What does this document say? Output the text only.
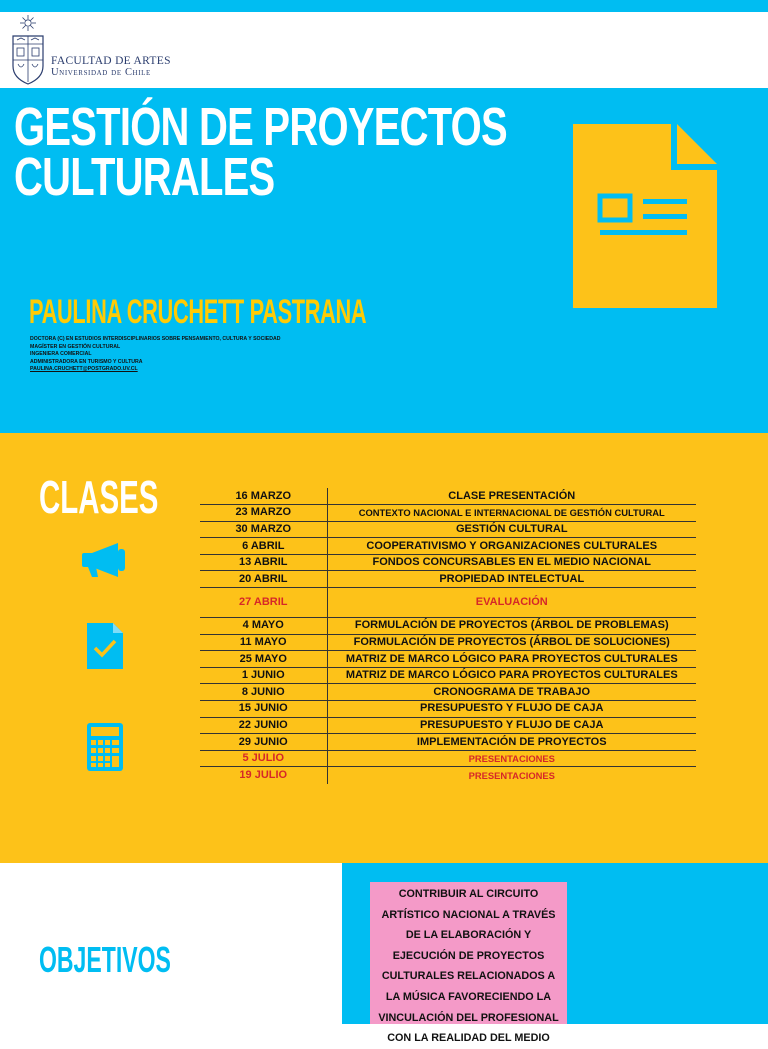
FACULTAD DE ARTES
Universidad de Chile
GESTIÓN DE PROYECTOS
CULTURALES
PAULINA CRUCHETT PASTRANA
DOCTORA (C) EN ESTUDIOS INTERDISCIPLINARIOS SOBRE PENSAMIENTO, CULTURA Y SOCIEDAD
MAGÍSTER EN GESTIÓN CULTURAL
INGENIERA COMERCIAL
ADMINISTRADORA EN TURISMO Y CULTURA
PAULINA.CRUCHETT@POSTGRADO.UV.CL
CLASES	16 MARZO	CLASE PRESENTACIÓN
23 MARZO	CONTEXTO NACIONAL E INTERNACIONAL DE GESTIÓN CULTURAL
30 MARZO	GESTIÓN CULTURAL
6 ABRIL	COOPERATIVISMO Y ORGANIZACIONES CULTURALES
13 ABRIL	FONDOS CONCURSABLES EN EL MEDIO NACIONAL
20 ABRIL	PROPIEDAD INTELECTUAL
27 ABRIL	EVALUACIÓN
4 MAYO	FORMULACIÓN DE PROYECTOS (ÁRBOL DE PROBLEMAS)
11 MAYO	FORMULACIÓN DE PROYECTOS (ÁRBOL DE SOLUCIONES)
25 MAYO	MATRIZ DE MARCO LÓGICO PARA PROYECTOS CULTURALES
1 JUNIO	MATRIZ DE MARCO LÓGICO PARA PROYECTOS CULTURALES
8 JUNIO	CRONOGRAMA DE TRABAJO
15 JUNIO	PRESUPUESTO Y FLUJO DE CAJA
22 JUNIO	PRESUPUESTO Y FLUJO DE CAJA
29 JUNIO	IMPLEMENTACIÓN DE PROYECTOS
5 JULIO	PRESENTACIONES
19 JULIO	PRESENTACIONES
OBJETIVOS
CONTRIBUIR AL CIRCUITO
ARTÍSTICO NACIONAL A TRAVÉS
DE LA ELABORACIÓN Y
EJECUCIÓN DE PROYECTOS
CULTURALES RELACIONADOS A
LA MÚSICA FAVORECIENDO LA
VINCULACIÓN DEL PROFESIONAL
CON LA REALIDAD DEL MEDIO
